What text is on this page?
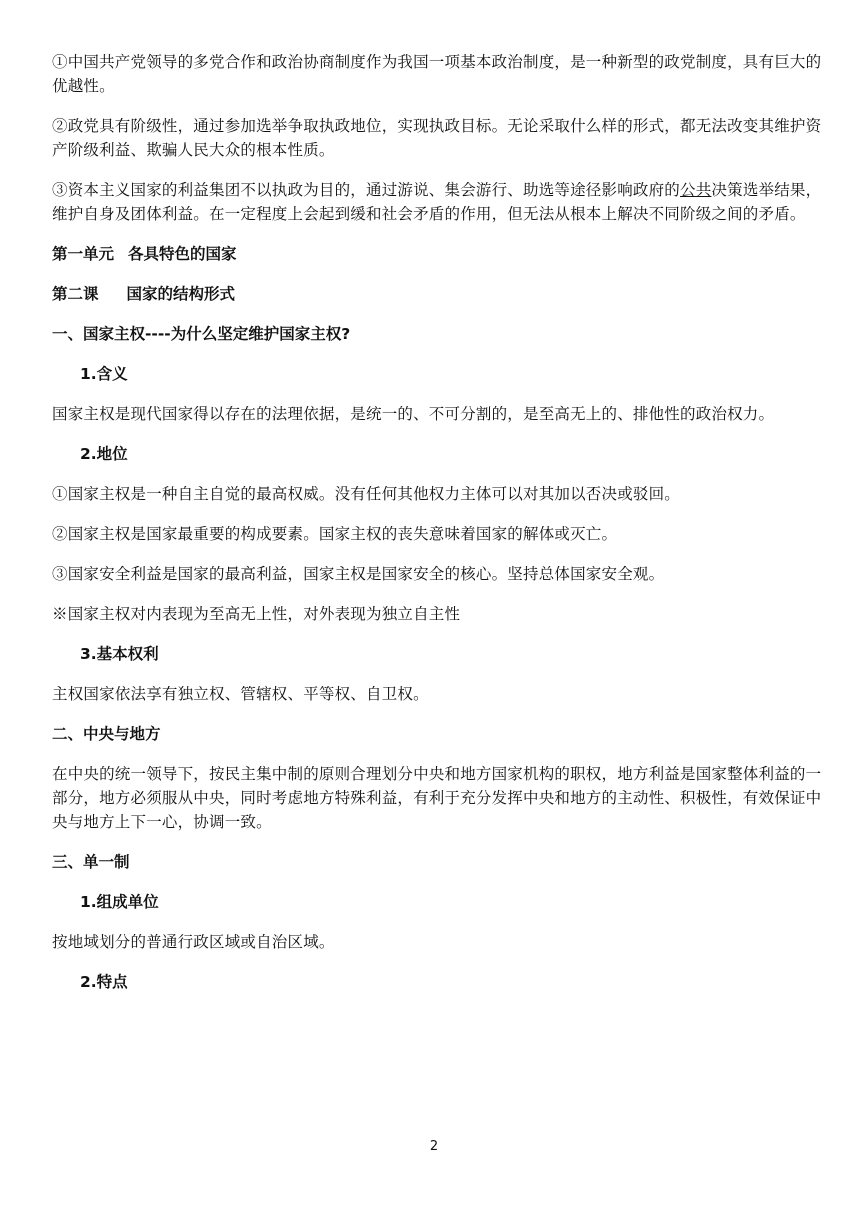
①中国共产党领导的多党合作和政治协商制度作为我国一项基本政治制度，是一种新型的政党制度，具有巨大的优越性。

②政党具有阶级性，通过参加选举争取执政地位，实现执政目标。无论采取什么样的形式，都无法改变其维护资产阶级利益、欺骗人民大众的根本性质。

③资本主义国家的利益集团不以执政为目的，通过游说、集会游行、助选等途径影响政府的公共决策选举结果，维护自身及团体利益。在一定程度上会起到缓和社会矛盾的作用，但无法从根本上解决不同阶级之间的矛盾。

第一单元 各具特色的国家
第二课 国家的结构形式
一、国家主权----为什么坚定维护国家主权?
1.含义

国家主权是现代国家得以存在的法理依据，是统一的、不可分割的，是至高无上的、排他性的政治权力。

2.地位

①国家主权是一种自主自觉的最高权威。没有任何其他权力主体可以对其加以否决或驳回。

②国家主权是国家最重要的构成要素。国家主权的丧失意味着国家的解体或灭亡。

③国家安全利益是国家的最高利益，国家主权是国家安全的核心。坚持总体国家安全观。

※国家主权对内表现为至高无上性，对外表现为独立自主性

3.基本权利

主权国家依法享有独立权、管辖权、平等权、自卫权。

二、中央与地方

在中央的统一领导下，按民主集中制的原则合理划分中央和地方国家机构的职权，地方利益是国家整体利益的一部分，地方必须服从中央，同时考虑地方特殊利益，有利于充分发挥中央和地方的主动性、积极性，有效保证中央与地方上下一心，协调一致。

三、单一制
1.组成单位

按地域划分的普通行政区域或自治区域。

2.特点
2
